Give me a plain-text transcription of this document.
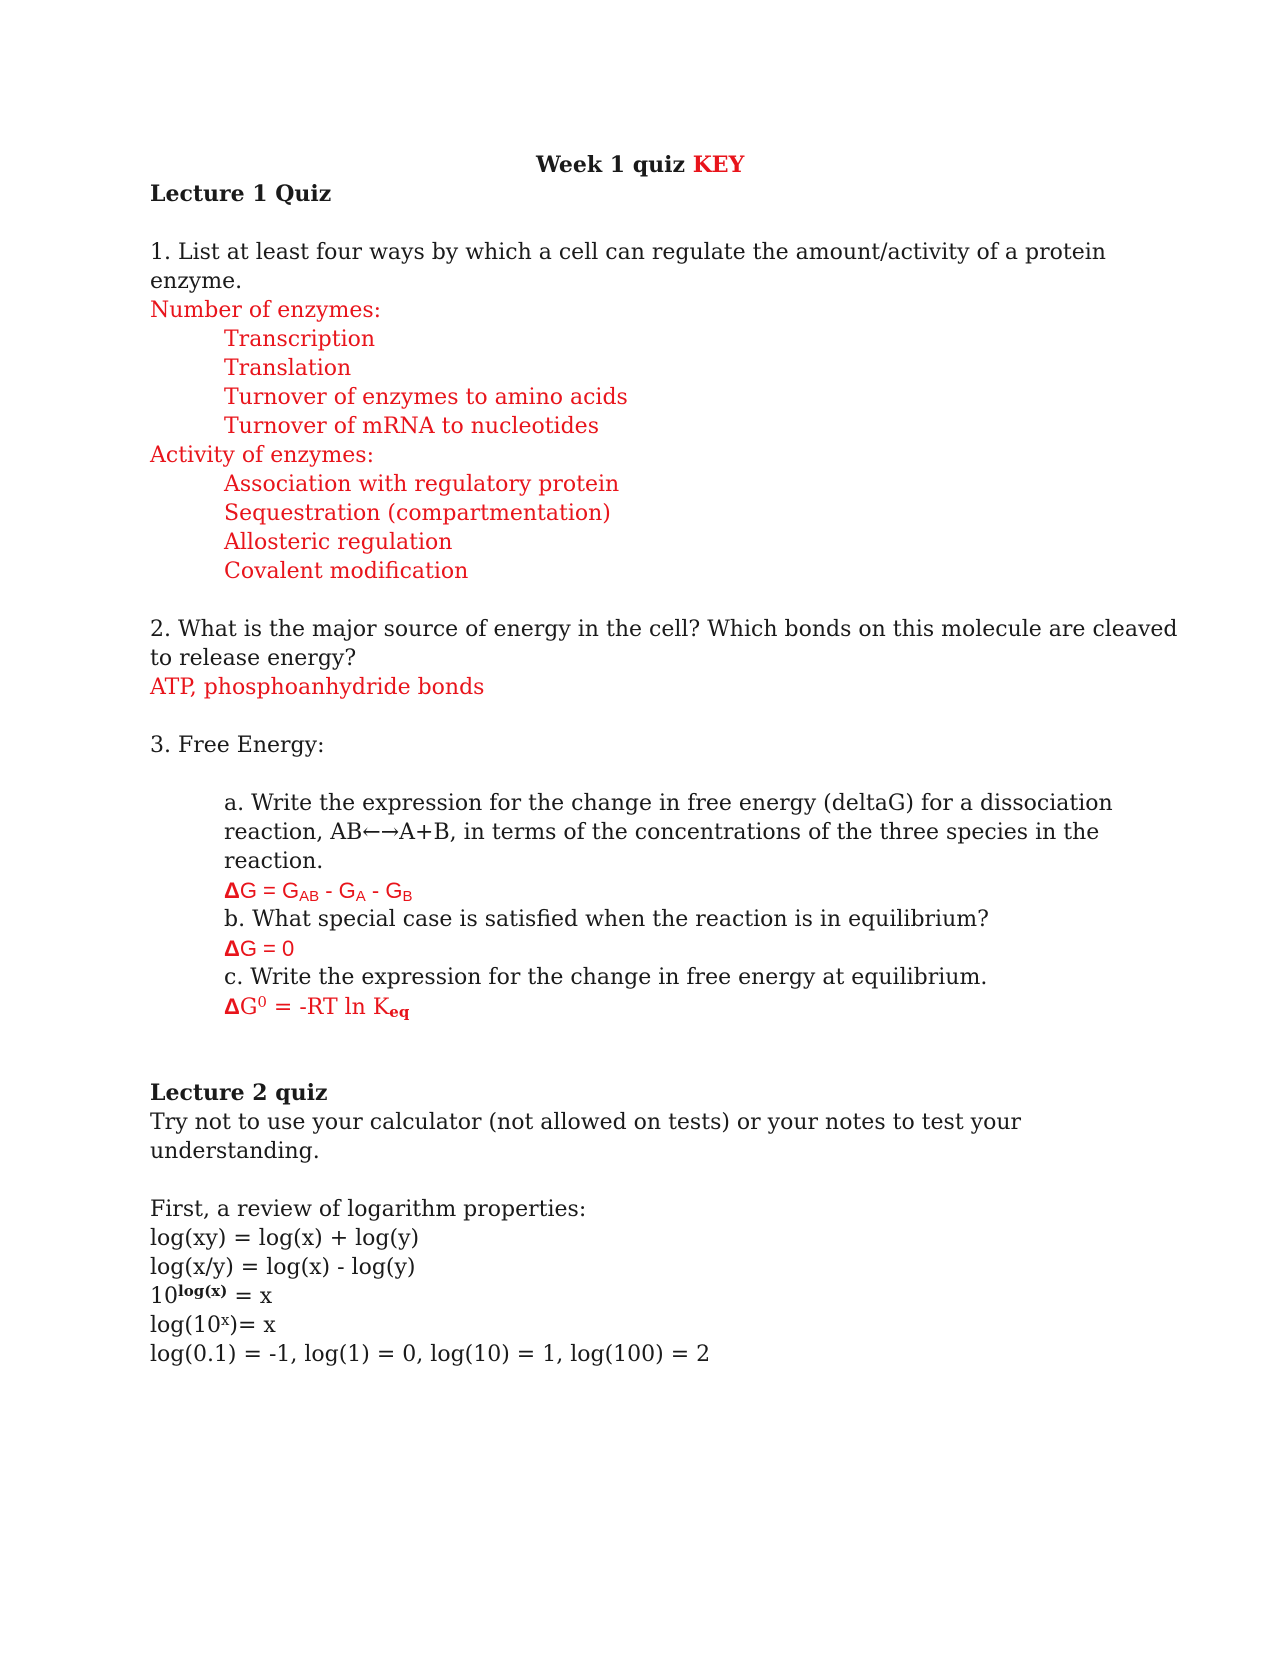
Week 1 quiz KEY
Lecture 1 Quiz
1. List at least four ways by which a cell can regulate the amount/activity of a protein
enzyme.
Number of enzymes:
Transcription
Translation
Turnover of enzymes to amino acids
Turnover of mRNA to nucleotides
Activity of enzymes:
Association with regulatory protein
Sequestration (compartmentation)
Allosteric regulation
Covalent modification
2. What is the major source of energy in the cell? Which bonds on this molecule are cleaved
to release energy?
ATP, phosphoanhydride bonds
3. Free Energy:
a. Write the expression for the change in free energy (deltaG) for a dissociation
reaction, AB←→A+B, in terms of the concentrations of the three species in the
reaction.
$\Delta G = G_{AB} - G_A - G_B$
b. What special case is satisfied when the reaction is in equilibrium?
ΔG = 0
c. Write the expression for the change in free energy at equilibrium.
$\Delta G^0 = -RT$ $\ln K_{eq}$
Lecture 2 quiz
Try not to use your calculator (not allowed on tests) or your notes to test your
understanding.
First, a review of logarithm properties:
log(xy) = log(x) + log(y)
log(x/y) = log(x) - log(y)
$10^{log(x)} = x$
$\log(10^x)= x$
log(0.1) = -1, log(1) = 0, log(10) = 1, log(100) = 2
